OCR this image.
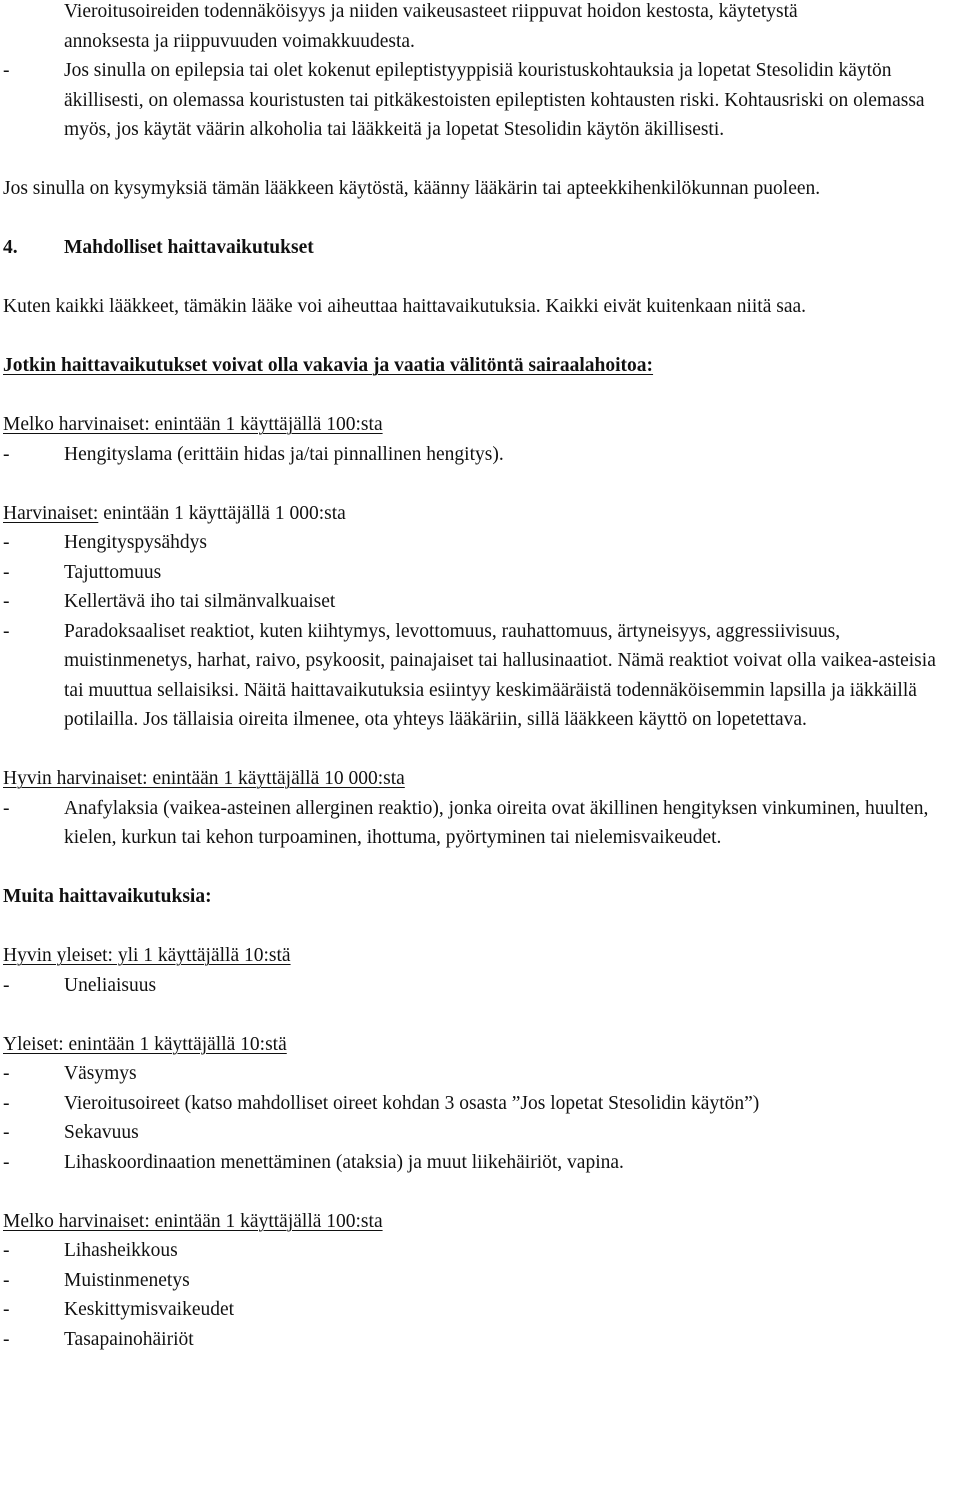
Vieroitusoireiden todennäköisyys ja niiden vaikeusasteet riippuvat hoidon kestosta, käytetystä
annoksesta ja riippuvuuden voimakkuudesta.

-	Jos sinulla on epilepsia tai olet kokenut epileptistyyppisiä kouristuskohtauksia ja lopetat Stesolidin käytön äkillisesti, on olemassa kouristusten tai pitkäkestoisten epileptisten kohtausten riski. Kohtausriski on olemassa myös, jos käytät väärin alkoholia tai lääkkeitä ja lopetat Stesolidin käytön äkillisesti.

Jos sinulla on kysymyksiä tämän lääkkeen käytöstä, käänny lääkärin tai apteekkihenkilökunnan puoleen.

4. Mahdolliset haittavaikutukset

Kuten kaikki lääkkeet, tämäkin lääke voi aiheuttaa haittavaikutuksia. Kaikki eivät kuitenkaan niitä saa.

Jotkin haittavaikutukset voivat olla vakavia ja vaatia välitöntä sairaalahoitoa:

Melko harvinaiset: enintään 1 käyttäjällä 100:sta

-	Hengityslama (erittäin hidas ja/tai pinnallinen hengitys).

Harvinaiset: enintään 1 käyttäjällä 1 000:sta

-	Hengityspysähdys

-	Tajuttomuus

-	Kellertävä iho tai silmänvalkuaiset

-	Paradoksaaliset reaktiot, kuten kiihtymys, levottomuus, rauhattomuus, ärtyneisyys, aggressiivisuus, muistinmenetys, harhat, raivo, psykoosit, painajaiset tai hallusinaatiot. Nämä reaktiot voivat olla vaikea-asteisia tai muuttua sellaisiksi. Näitä haittavaikutuksia esiintyy keskimääräistä todennäköisemmin lapsilla ja iäkkäillä potilailla. Jos tällaisia oireita ilmenee, ota yhteys lääkäriin, sillä lääkkeen käyttö on lopetettava.

Hyvin harvinaiset: enintään 1 käyttäjällä 10 000:sta

-	Anafylaksia (vaikea-asteinen allerginen reaktio), jonka oireita ovat äkillinen hengityksen vinkuminen, huulten, kielen, kurkun tai kehon turpoaminen, ihottuma, pyörtyminen tai nielemisvaikeudet.

Muita haittavaikutuksia:

Hyvin yleiset: yli 1 käyttäjällä 10:stä

-	Uneliaisuus

Yleiset: enintään 1 käyttäjällä 10:stä

-	Väsymys

-	Vieroitusoireet (katso mahdolliset oireet kohdan 3 osasta ”Jos lopetat Stesolidin käytön”)

-	Sekavuus

-	Lihaskoordinaation menettäminen (ataksia) ja muut liikehäiriöt, vapina.

Melko harvinaiset: enintään 1 käyttäjällä 100:sta

-	Lihasheikkous

-	Muistinmenetys

-	Keskittymisvaikeudet

-	Tasapainohäiriöt
